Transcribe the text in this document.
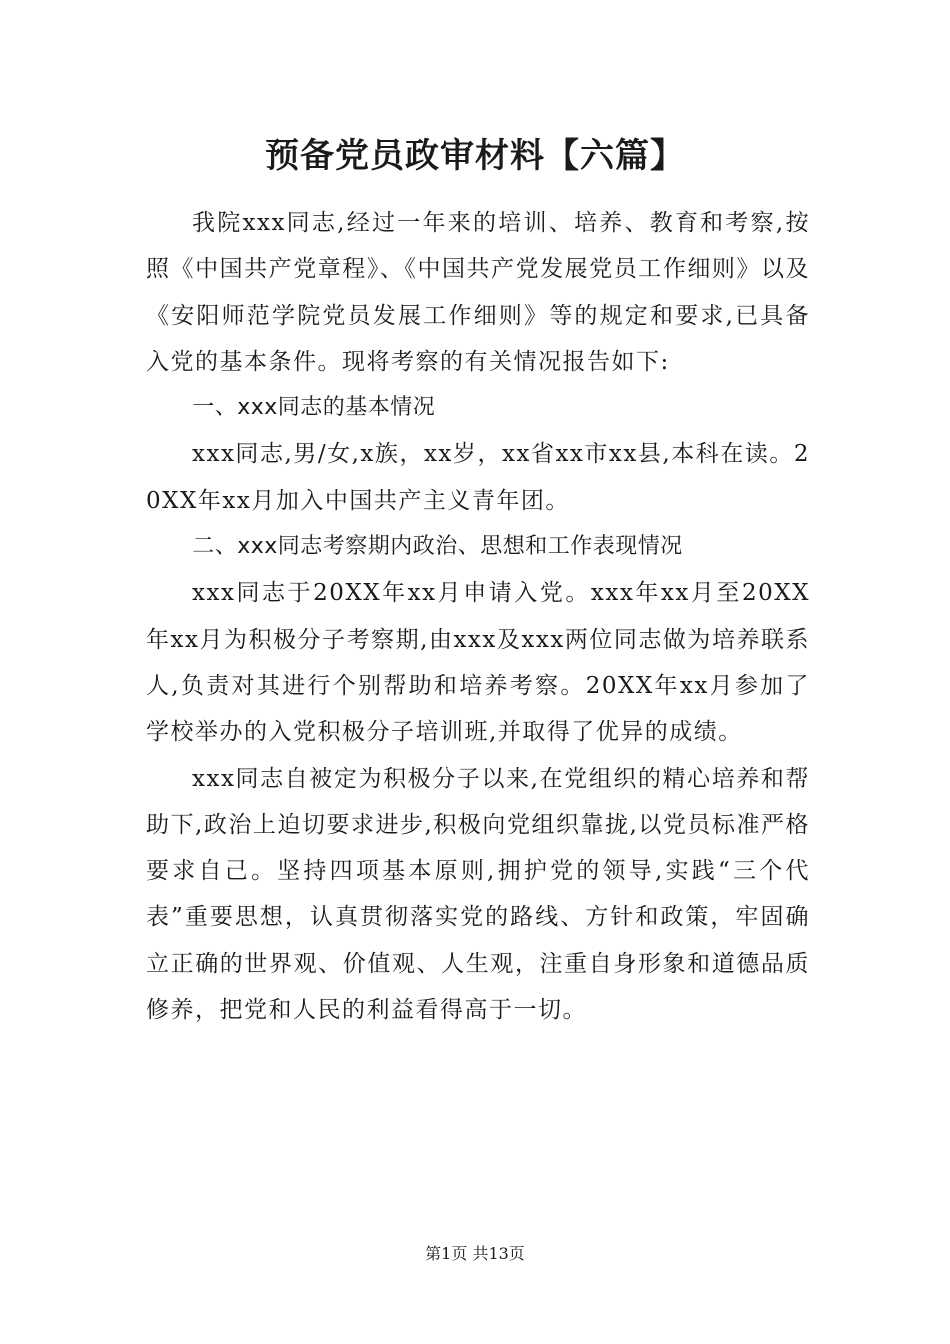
预备党员政审材料【六篇】

我院xxx同志,经过一年来的培训、培养、教育和考察,按照《中国共产党章程》、《中国共产党发展党员工作细则》以及《安阳师范学院党员发展工作细则》等的规定和要求,已具备入党的基本条件。现将考察的有关情况报告如下:

一、xxx同志的基本情况

xxx同志,男/女,x族，xx岁，xx省xx市xx县,本科在读。20XX年xx月加入中国共产主义青年团。

二、xxx同志考察期内政治、思想和工作表现情况

xxx同志于20XX年xx月申请入党。xxx年xx月至20XX年xx月为积极分子考察期,由xxx及xxx两位同志做为培养联系人,负责对其进行个别帮助和培养考察。20XX年xx月参加了学校举办的入党积极分子培训班,并取得了优异的成绩。

xxx同志自被定为积极分子以来,在党组织的精心培养和帮助下,政治上迫切要求进步,积极向党组织靠拢,以党员标准严格要求自己。坚持四项基本原则,拥护党的领导,实践“三个代表”重要思想，认真贯彻落实党的路线、方针和政策，牢固确立正确的世界观、价值观、人生观，注重自身形象和道德品质修养，把党和人民的利益看得高于一切。

第1页 共13页
